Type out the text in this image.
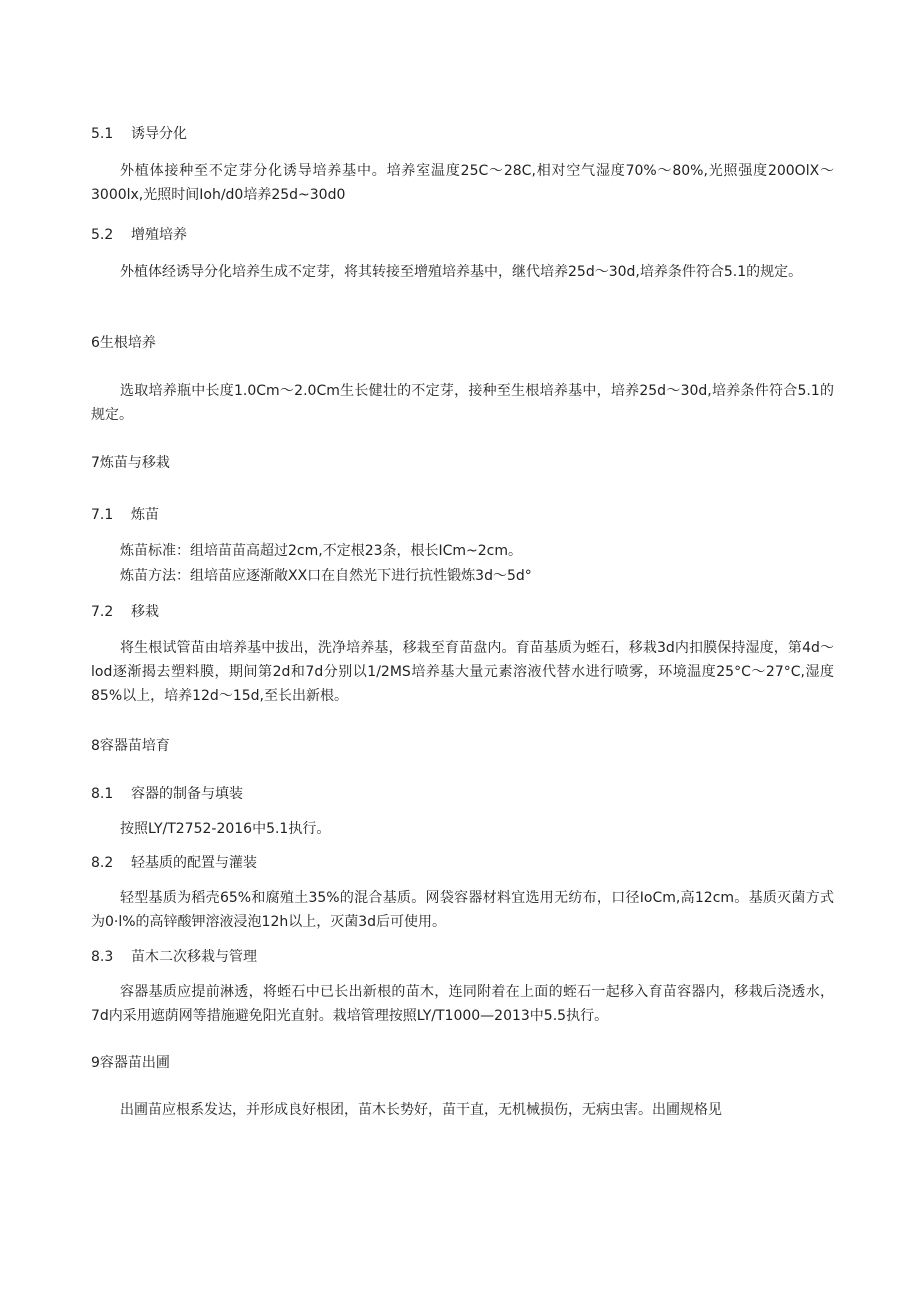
5.1 诱导分化

外植体接种至不定芽分化诱导培养基中。培养室温度25C～28C,相对空气湿度70%～80%,光照强度200OlX～3000lx,光照时间Ioh∕d0培养25d~30d0

5.2 增殖培养

外植体经诱导分化培养生成不定芽，将其转接至增殖培养基中，继代培养25d～30d,培养条件符合5.1的规定。

6生根培养

选取培养瓶中长度1.0Cm～2.0Cm生长健壮的不定芽，接种至生根培养基中，培养25d～30d,培养条件符合5.1的规定。

7炼苗与移栽
7.1 炼苗

炼苗标准：组培苗苗高超过2cm,不定根23条，根长ICm~2cm。

炼苗方法：组培苗应逐渐敞XX口在自然光下进行抗性锻炼3d～5d°

7.2 移栽

将生根试管苗由培养基中拔出，洗净培养基，移栽至育苗盘内。育苗基质为蛭石，移栽3d内扣膜保持湿度，第4d～lod逐渐揭去塑料膜，期间第2d和7d分别以1/2MS培养基大量元素溶液代替水进行喷雾，环境温度25°C～27°C,湿度85%以上，培养12d～15d,至长出新根。

8容器苗培育
8.1 容器的制备与填装

按照LY/T2752-2016中5.1执行。

8.2 轻基质的配置与灌装

轻型基质为稻壳65%和腐殖土35%的混合基质。网袋容器材料宜选用无纺布，口径IoCm,高12cm。基质灭菌方式为0·l%的高锌酸钾溶液浸泡12h以上，灭菌3d后可使用。

8.3 苗木二次移栽与管理

容器基质应提前淋透，将蛭石中已长出新根的苗木，连同附着在上面的蛭石一起移入育苗容器内，移栽后浇透水，7d内采用遮荫网等措施避免阳光直射。栽培管理按照LY/T1000—2013中5.5执行。

9容器苗出圃

出圃苗应根系发达，并形成良好根团，苗木长势好，苗干直，无机械损伤，无病虫害。出圃规格见
